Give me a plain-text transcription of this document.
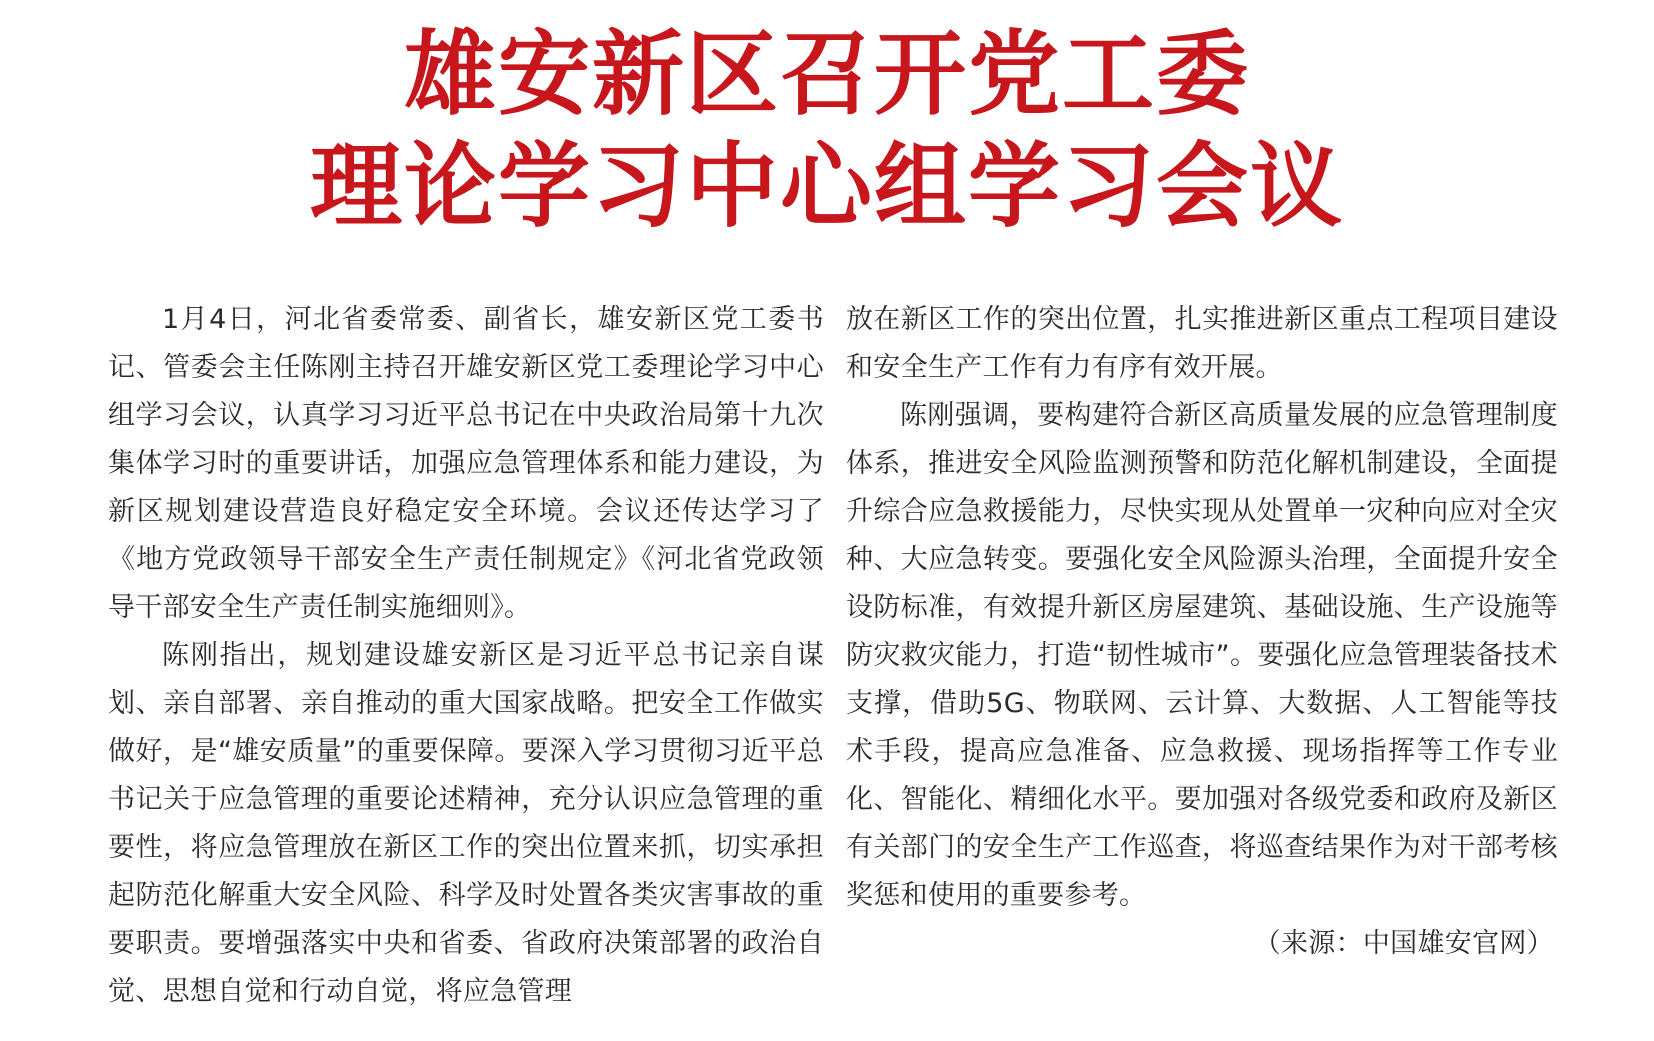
雄安新区召开党工委
理论学习中心组学习会议

1月4日，河北省委常委、副省长，雄安新区党工委书记、管委会主任陈刚主持召开雄安新区党工委理论学习中心组学习会议，认真学习习近平总书记在中央政治局第十九次集体学习时的重要讲话，加强应急管理体系和能力建设，为新区规划建设营造良好稳定安全环境。会议还传达学习了《地方党政领导干部安全生产责任制规定》《河北省党政领导干部安全生产责任制实施细则》。

陈刚指出，规划建设雄安新区是习近平总书记亲自谋划、亲自部署、亲自推动的重大国家战略。把安全工作做实做好，是“雄安质量”的重要保障。要深入学习贯彻习近平总书记关于应急管理的重要论述精神，充分认识应急管理的重要性，将应急管理放在新区工作的突出位置来抓，切实承担起防范化解重大安全风险、科学及时处置各类灾害事故的重要职责。要增强落实中央和省委、省政府决策部署的政治自觉、思想自觉和行动自觉，将应急管理

放在新区工作的突出位置，扎实推进新区重点工程项目建设和安全生产工作有力有序有效开展。

陈刚强调，要构建符合新区高质量发展的应急管理制度体系，推进安全风险监测预警和防范化解机制建设，全面提升综合应急救援能力，尽快实现从处置单一灾种向应对全灾种、大应急转变。要强化安全风险源头治理，全面提升安全设防标准，有效提升新区房屋建筑、基础设施、生产设施等防灾救灾能力，打造“韧性城市”。要强化应急管理装备技术支撑，借助5G、物联网、云计算、大数据、人工智能等技术手段，提高应急准备、应急救援、现场指挥等工作专业化、智能化、精细化水平。要加强对各级党委和政府及新区有关部门的安全生产工作巡查，将巡查结果作为对干部考核奖惩和使用的重要参考。

（来源：中国雄安官网）
